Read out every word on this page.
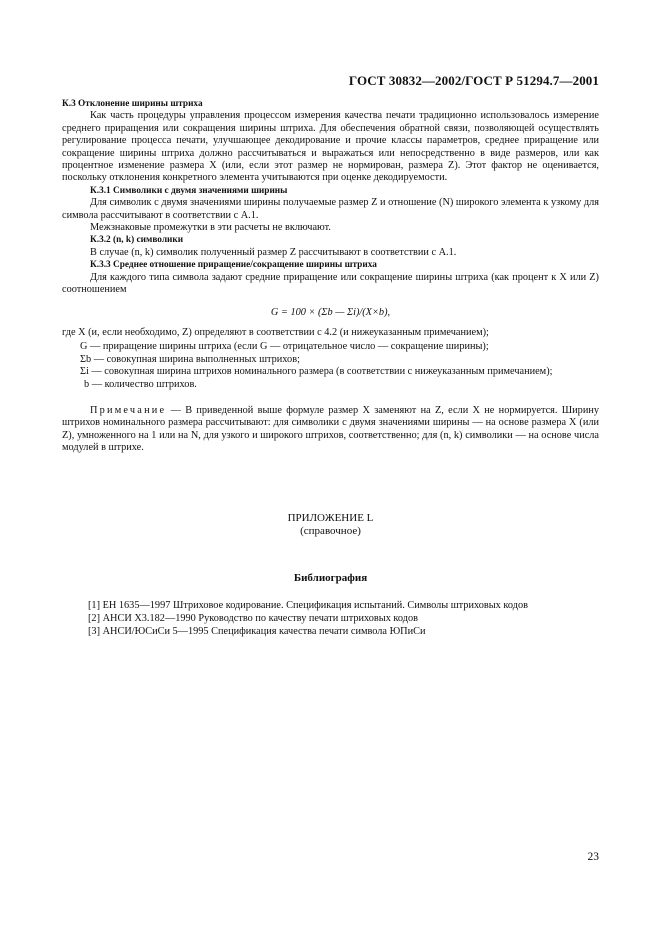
ГОСТ 30832—2002/ГОСТ Р 51294.7—2001
К.3 Отклонение ширины штриха

Как часть процедуры управления процессом измерения качества печати традиционно использовалось измерение среднего приращения или сокращения ширины штриха. Для обеспечения обратной связи, позволяющей осуществлять регулирование процесса печати, улучшающее декодирование и прочие классы параметров, среднее приращение или сокращение ширины штриха должно рассчитываться и выражаться или непосредственно в виде размеров, или как процентное изменение размера X (или, если этот размер не нормирован, размера Z). Этот фактор не оценивается, поскольку отклонения конкретного элемента учитываются при оценке декодируемости.

К.3.1 Символики с двумя значениями ширины

Для символик с двумя значениями ширины получаемые размер Z и отношение (N) широкого элемента к узкому для символа рассчитывают в соответствии с А.1.

Межзнаковые промежутки в эти расчеты не включают.

К.3.2 (n, k) символики

В случае (n, k) символик полученный размер Z рассчитывают в соответствии с А.1.

К.3.3 Среднее отношение приращение/сокращение ширины штриха

Для каждого типа символа задают средние приращение или сокращение ширины штриха (как процент к X или Z) соотношением

G = 100 × (Σb — Σi)/(X×b),

где X (и, если необходимо, Z) определяют в соответствии с 4.2 (и нижеуказанным примечанием);

G — приращение ширины штриха (если G — отрицательное число — сокращение ширины);

Σb — совокупная ширина выполненных штрихов;

Σi — совокупная ширина штрихов номинального размера (в соответствии с нижеуказанным примечанием);

b — количество штрихов.

Примечание — В приведенной выше формуле размер X заменяют на Z, если X не нормируется. Ширину штрихов номинального размера рассчитывают: для символики с двумя значениями ширины — на основе размера X (или Z), умноженного на 1 или на N, для узкого и широкого штрихов, соответственно; для (n, k) символики — на основе числа модулей в штрихе.

ПРИЛОЖЕНИЕ L
(справочное)
Библиография
[1] ЕН 1635—1997 Штриховое кодирование. Спецификация испытаний. Символы штриховых кодов
[2] АНСИ Х3.182—1990 Руководство по качеству печати штриховых кодов
[3] АНСИ/ЮСиСи 5—1995 Спецификация качества печати символа ЮПиСи
23
